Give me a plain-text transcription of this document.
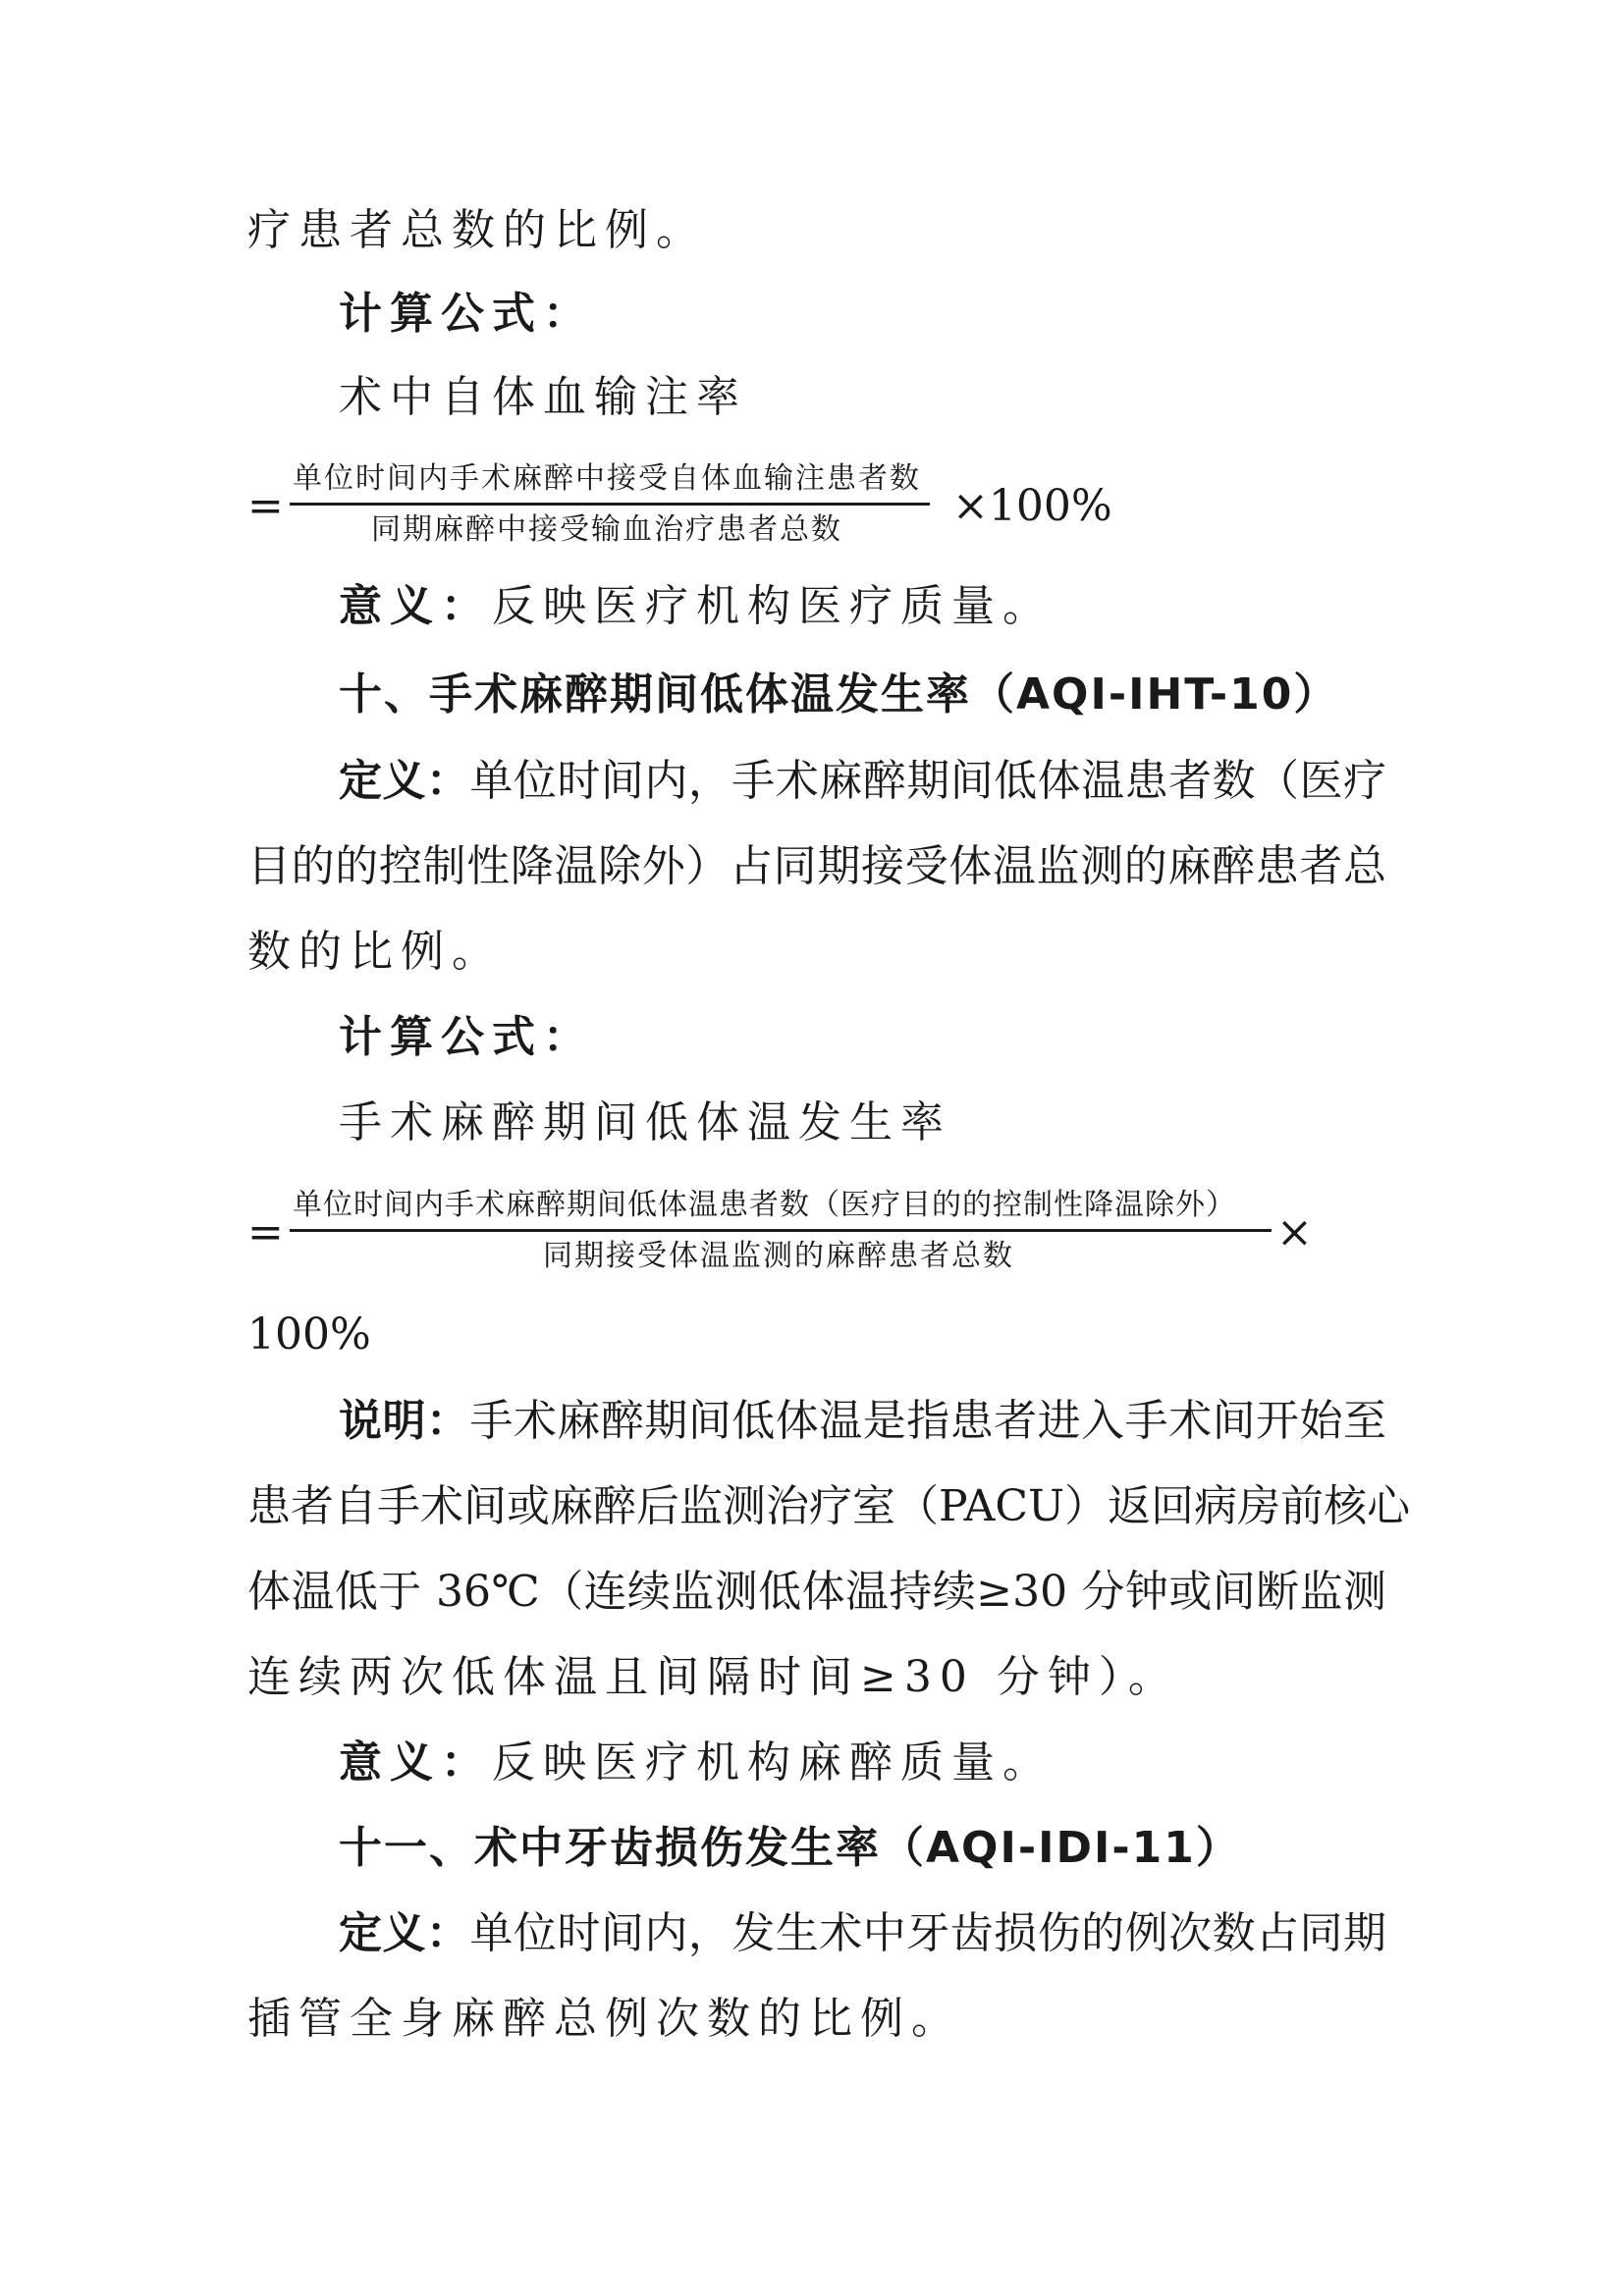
疗患者总数的比例。
计算公式：
术中自体血输注率
=
单位时间内手术麻醉中接受自体血输注患者数
同期麻醉中接受输血治疗患者总数	×100%
意义：反映医疗机构医疗质量。
十、手术麻醉期间低体温发生率（AQI-IHT-10）
定义：单位时间内，手术麻醉期间低体温患者数（医疗
目的的控制性降温除外）占同期接受体温监测的麻醉患者总
数的比例。
计算公式：
手术麻醉期间低体温发生率
=
单位时间内手术麻醉期间低体温患者数（医疗目的的控制性降温除外）
同期接受体温监测的麻醉患者总数	×
100%
说明：手术麻醉期间低体温是指患者进入手术间开始至
患者自手术间或麻醉后监测治疗室（PACU）返回病房前核心
体温低于 36℃（连续监测低体温持续≥30 分钟或间断监测
连续两次低体温且间隔时间≥30 分钟）。
意义：反映医疗机构麻醉质量。
十一、术中牙齿损伤发生率（AQI-IDI-11）
定义：单位时间内，发生术中牙齿损伤的例次数占同期
插管全身麻醉总例次数的比例。
